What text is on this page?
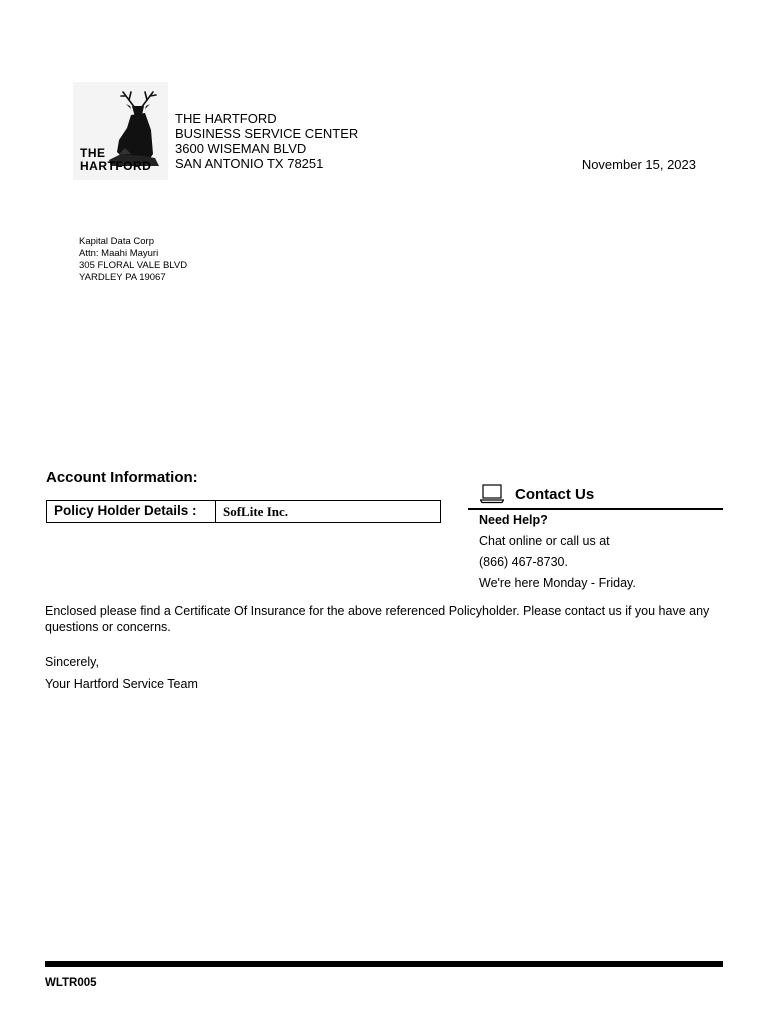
THE
HARTFORD
THE HARTFORD
BUSINESS SERVICE CENTER
3600 WISEMAN BLVD
SAN ANTONIO TX 78251	November 15, 2023
Kapital Data Corp
Attn: Maahi Mayuri
305 FLORAL VALE BLVD
YARDLEY PA 19067
Account Information:
Policy Holder Details :	SofLite Inc.
Contact Us
Need Help?
Chat online or call us at
(866) 467-8730.
We're here Monday - Friday.

Enclosed please find a Certificate Of Insurance for the above referenced Policyholder. Please contact us if you have any questions or concerns.

Sincerely,
Your Hartford Service Team
WLTR005
